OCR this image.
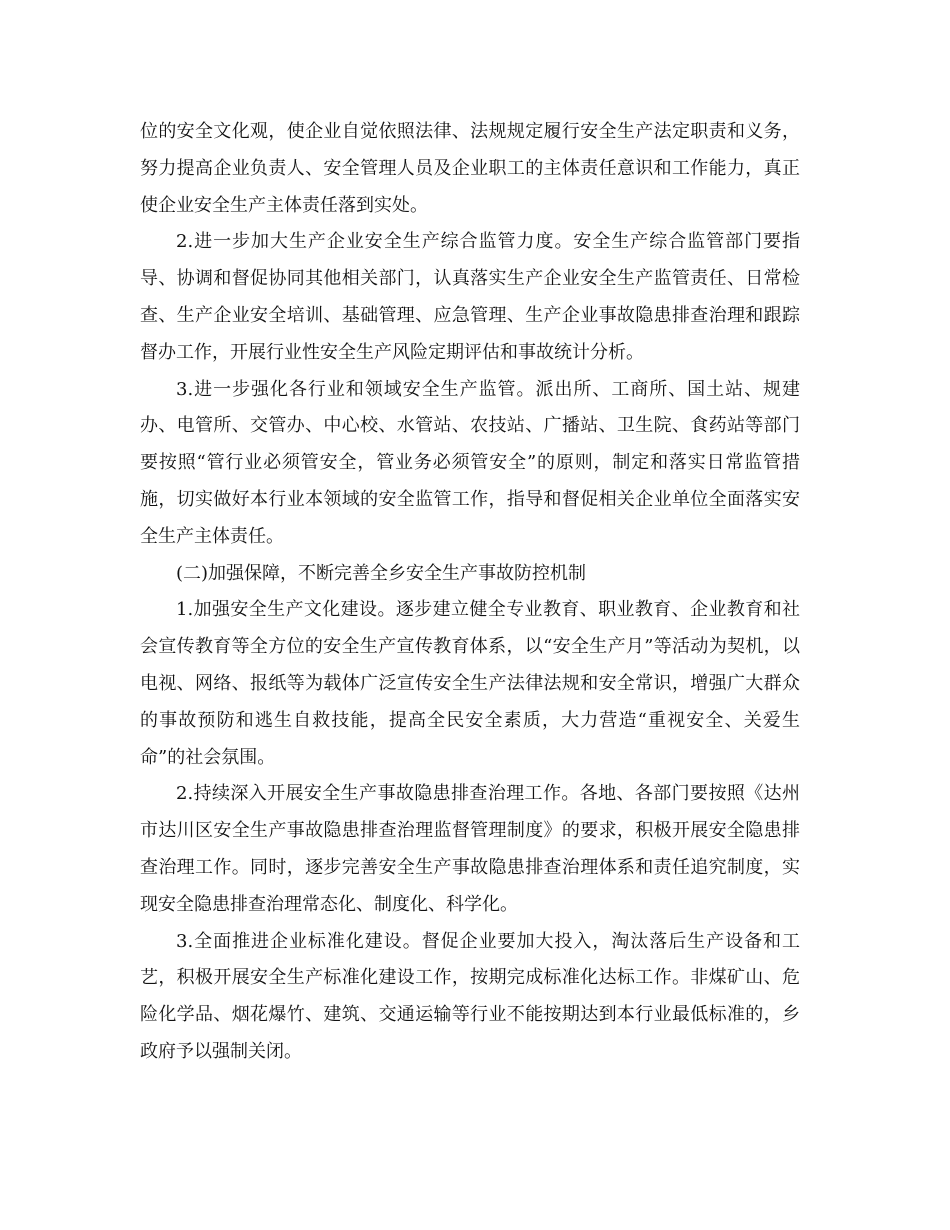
位的安全文化观，使企业自觉依照法律、法规规定履行安全生产法定职责和义务，努力提高企业负责人、安全管理人员及企业职工的主体责任意识和工作能力，真正使企业安全生产主体责任落到实处。

2.进一步加大生产企业安全生产综合监管力度。安全生产综合监管部门要指导、协调和督促协同其他相关部门，认真落实生产企业安全生产监管责任、日常检查、生产企业安全培训、基础管理、应急管理、生产企业事故隐患排查治理和跟踪督办工作，开展行业性安全生产风险定期评估和事故统计分析。

3.进一步强化各行业和领域安全生产监管。派出所、工商所、国土站、规建办、电管所、交管办、中心校、水管站、农技站、广播站、卫生院、食药站等部门要按照“管行业必须管安全，管业务必须管安全”的原则，制定和落实日常监管措施，切实做好本行业本领域的安全监管工作，指导和督促相关企业单位全面落实安全生产主体责任。

(二)加强保障，不断完善全乡安全生产事故防控机制

1.加强安全生产文化建设。逐步建立健全专业教育、职业教育、企业教育和社会宣传教育等全方位的安全生产宣传教育体系，以“安全生产月”等活动为契机，以电视、网络、报纸等为载体广泛宣传安全生产法律法规和安全常识，增强广大群众的事故预防和逃生自救技能，提高全民安全素质，大力营造“重视安全、关爱生命”的社会氛围。

2.持续深入开展安全生产事故隐患排查治理工作。各地、各部门要按照《达州市达川区安全生产事故隐患排查治理监督管理制度》的要求，积极开展安全隐患排查治理工作。同时，逐步完善安全生产事故隐患排查治理体系和责任追究制度，实现安全隐患排查治理常态化、制度化、科学化。

3.全面推进企业标准化建设。督促企业要加大投入，淘汰落后生产设备和工艺，积极开展安全生产标准化建设工作，按期完成标准化达标工作。非煤矿山、危险化学品、烟花爆竹、建筑、交通运输等行业不能按期达到本行业最低标准的，乡政府予以强制关闭。
